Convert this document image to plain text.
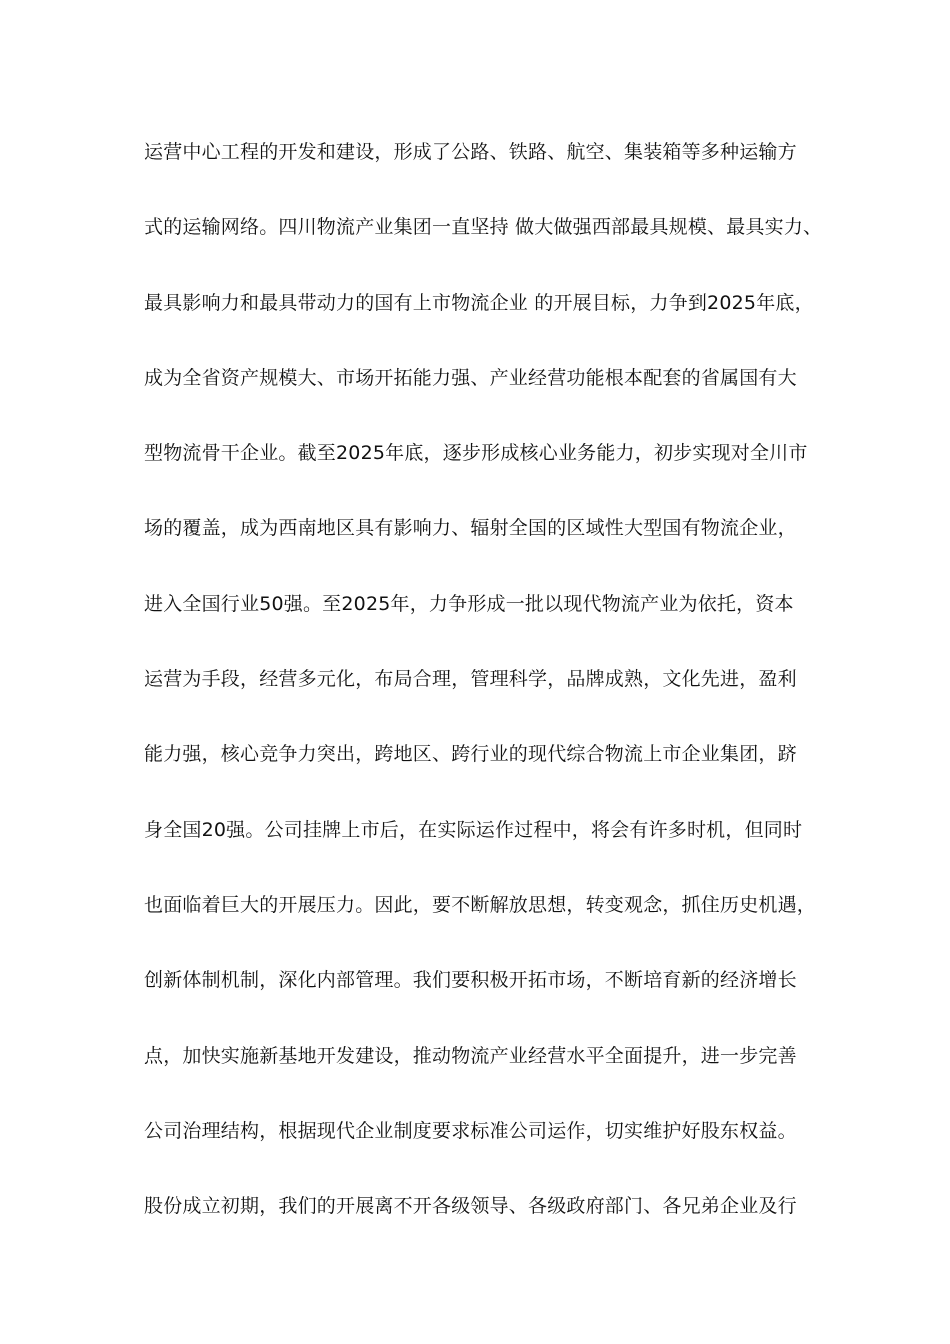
运营中心工程的开发和建设，形成了公路、铁路、航空、集装箱等多种运输方
式的运输网络。四川物流产业集团一直坚持 做大做强西部最具规模、最具实力、
最具影响力和最具带动力的国有上市物流企业 的开展目标，力争到2025年底，
成为全省资产规模大、市场开拓能力强、产业经营功能根本配套的省属国有大
型物流骨干企业。截至2025年底，逐步形成核心业务能力，初步实现对全川市
场的覆盖，成为西南地区具有影响力、辐射全国的区域性大型国有物流企业，
进入全国行业50强。至2025年，力争形成一批以现代物流产业为依托，资本
运营为手段，经营多元化，布局合理，管理科学，品牌成熟，文化先进，盈利
能力强，核心竞争力突出，跨地区、跨行业的现代综合物流上市企业集团，跻
身全国20强。公司挂牌上市后，在实际运作过程中，将会有许多时机，但同时
也面临着巨大的开展压力。因此，要不断解放思想，转变观念，抓住历史机遇，
创新体制机制，深化内部管理。我们要积极开拓市场，不断培育新的经济增长
点，加快实施新基地开发建设，推动物流产业经营水平全面提升，进一步完善
公司治理结构，根据现代企业制度要求标准公司运作，切实维护好股东权益。
股份成立初期，我们的开展离不开各级领导、各级政府部门、各兄弟企业及行
